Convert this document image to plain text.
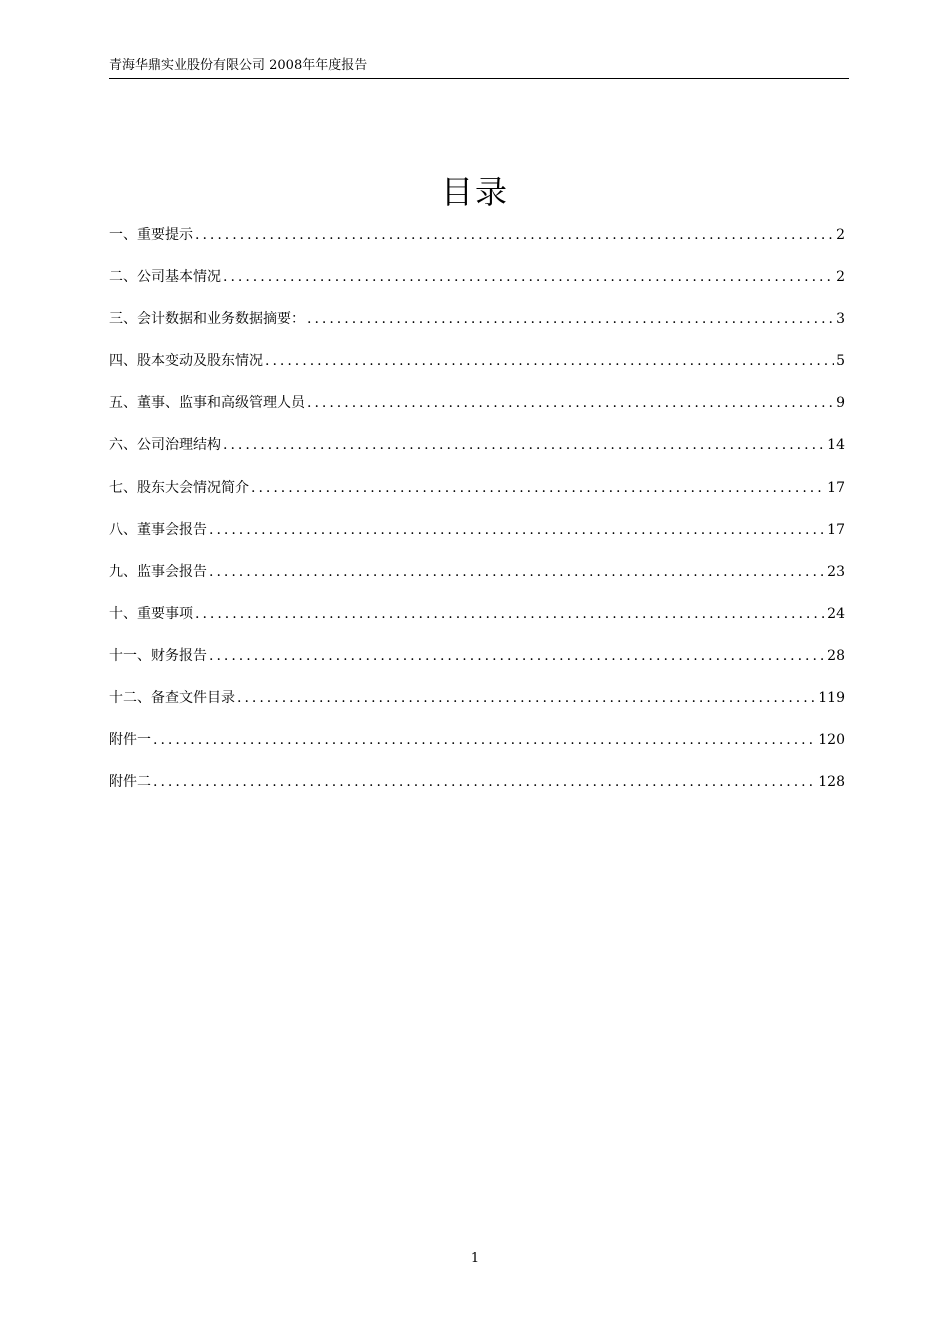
青海华鼎实业股份有限公司 2008年年度报告
目录
一、重要提示 .....	2
二、公司基本情况 .....	2
三、会计数据和业务数据摘要： .....	3
四、股本变动及股东情况 .....	5
五、董事、监事和高级管理人员 .....	9
六、公司治理结构 .....	14
七、股东大会情况简介 .....	17
八、董事会报告 .....	17
九、监事会报告 .....	23
十、重要事项 .....	24
十一、财务报告 .....	28
十二、备查文件目录 .....	119
附件一 .....	120
附件二 .....	128
1
